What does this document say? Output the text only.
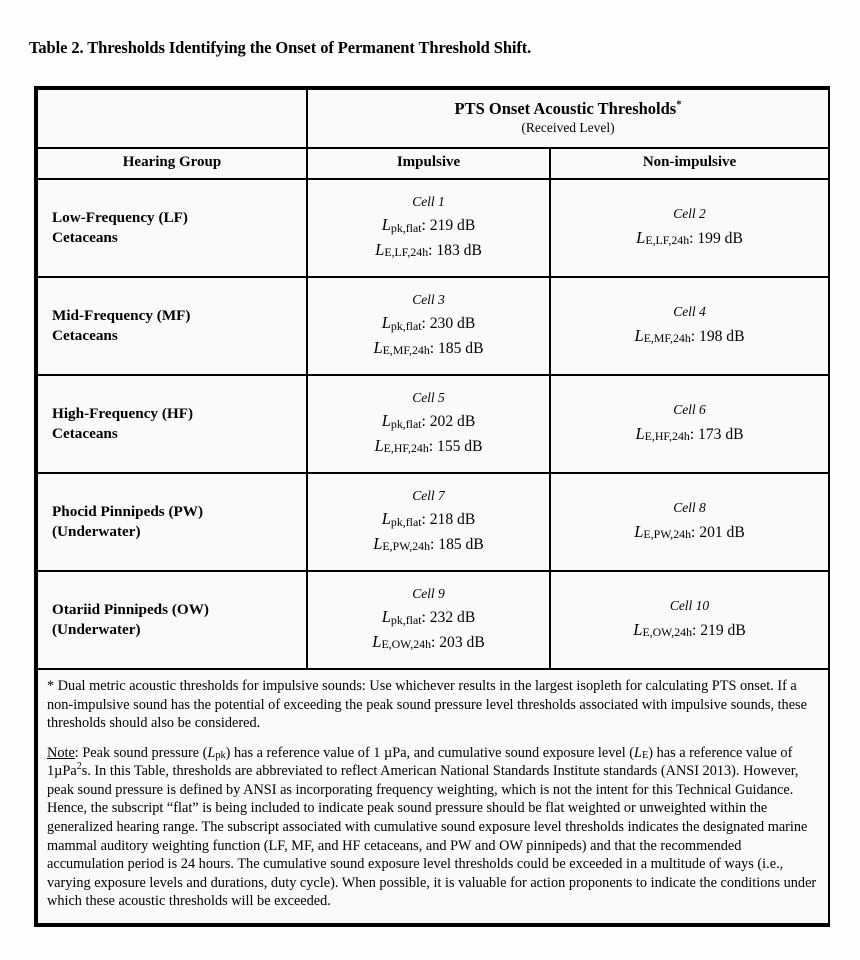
Table 2. Thresholds Identifying the Onset of Permanent Threshold Shift.
	PTS Onset Acoustic Thresholds*
(Received Level)	

Hearing Group	Impulsive	Non-impulsive
Low-Frequency (LF)
Cetaceans	Cell 1
Lpk,flat: 219 dB
LE,LF,24h: 183 dB	Cell 2
LE,LF,24h: 199 dB

Mid-Frequency (MF)
Cetaceans	Cell 3
Lpk,flat: 230 dB
LE,MF,24h: 185 dB	Cell 4
LE,MF,24h: 198 dB

High-Frequency (HF)
Cetaceans	Cell 5
Lpk,flat: 202 dB
LE,HF,24h: 155 dB	Cell 6
LE,HF,24h: 173 dB

Phocid Pinnipeds (PW)
(Underwater)	Cell 7
Lpk,flat: 218 dB
LE,PW,24h: 185 dB	Cell 8
LE,PW,24h: 201 dB

Otariid Pinnipeds (OW)
(Underwater)	Cell 9
Lpk,flat: 232 dB
LE,OW,24h: 203 dB	Cell 10
LE,OW,24h: 219 dB

* Dual metric acoustic thresholds for impulsive sounds: Use whichever results in the largest isopleth for calculating PTS onset. If a non-impulsive sound has the potential of exceeding the peak sound pressure level thresholds associated with impulsive sounds, these thresholds should also be considered.

Note: Peak sound pressure (Lpk) has a reference value of 1 µPa, and cumulative sound exposure level (LE) has a reference value of 1µPa$^2$s. In this Table, thresholds are abbreviated to reflect American National Standards Institute standards (ANSI 2013). However, peak sound pressure is defined by ANSI as incorporating frequency weighting, which is not the intent for this Technical Guidance. Hence, the subscript “flat” is being included to indicate peak sound pressure should be flat weighted or unweighted within the generalized hearing range. The subscript associated with cumulative sound exposure level thresholds indicates the designated marine mammal auditory weighting function (LF, MF, and HF cetaceans, and PW and OW pinnipeds) and that the recommended accumulation period is 24 hours. The cumulative sound exposure level thresholds could be exceeded in a multitude of ways (i.e., varying exposure levels and durations, duty cycle). When possible, it is valuable for action proponents to indicate the conditions under which these acoustic thresholds will be exceeded.		
